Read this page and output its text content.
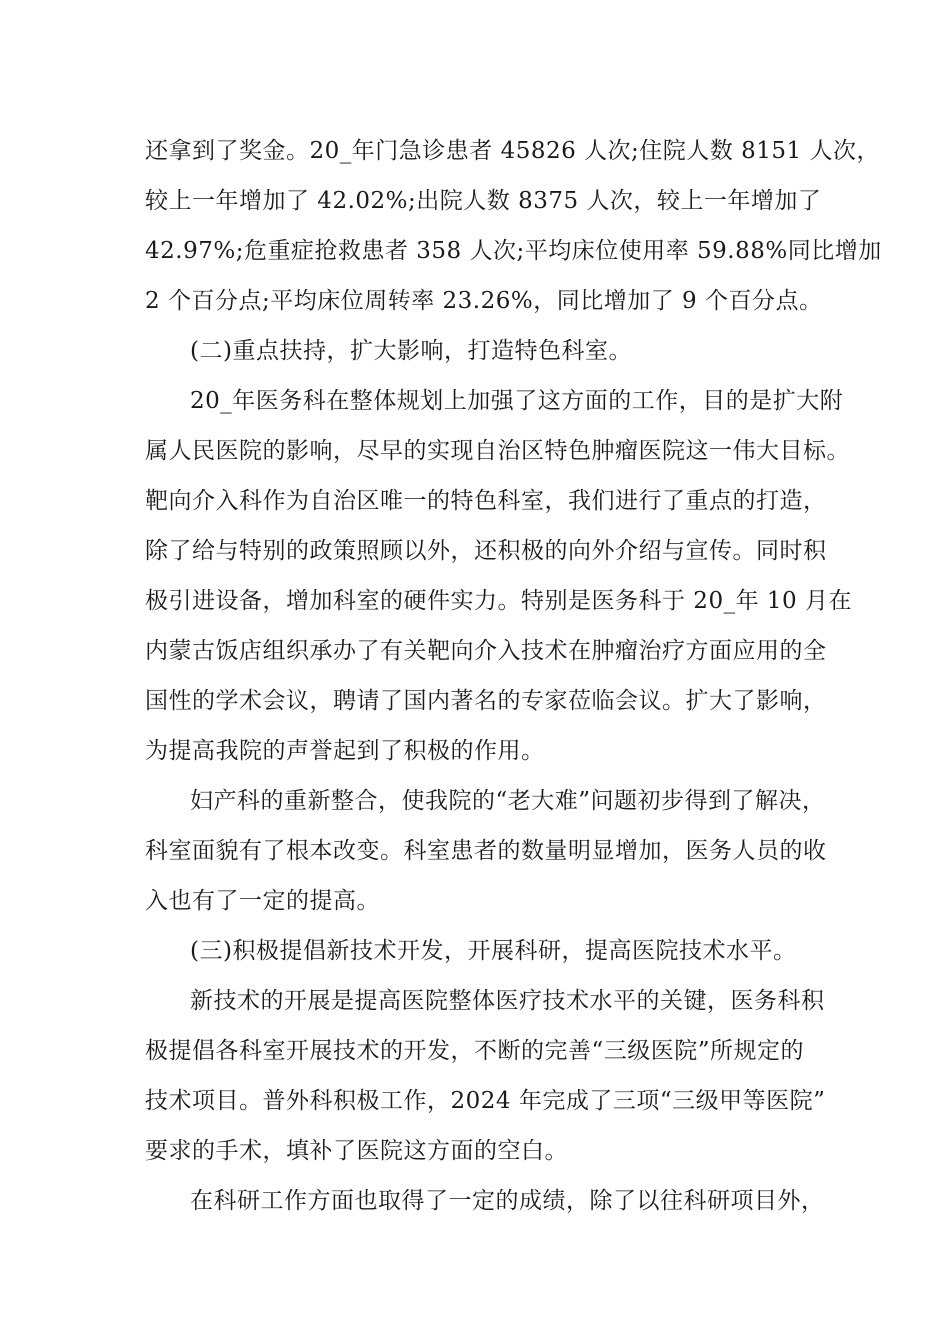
还拿到了奖金。20_年门急诊患者 45826 人次;住院人数 8151 人次，
较上一年增加了 42.02%;出院人数 8375 人次，较上一年增加了
42.97%;危重症抢救患者 358 人次;平均床位使用率 59.88%同比增加
2 个百分点;平均床位周转率 23.26%，同比增加了 9 个百分点。
(二)重点扶持，扩大影响，打造特色科室。
20_年医务科在整体规划上加强了这方面的工作，目的是扩大附
属人民医院的影响，尽早的实现自治区特色肿瘤医院这一伟大目标。
靶向介入科作为自治区唯一的特色科室，我们进行了重点的打造，
除了给与特别的政策照顾以外，还积极的向外介绍与宣传。同时积
极引进设备，增加科室的硬件实力。特别是医务科于 20_年 10 月在
内蒙古饭店组织承办了有关靶向介入技术在肿瘤治疗方面应用的全
国性的学术会议，聘请了国内著名的专家莅临会议。扩大了影响，
为提高我院的声誉起到了积极的作用。
妇产科的重新整合，使我院的“老大难”问题初步得到了解决，
科室面貌有了根本改变。科室患者的数量明显增加，医务人员的收
入也有了一定的提高。
(三)积极提倡新技术开发，开展科研，提高医院技术水平。
新技术的开展是提高医院整体医疗技术水平的关键，医务科积
极提倡各科室开展技术的开发，不断的完善“三级医院”所规定的
技术项目。普外科积极工作，2024 年完成了三项“三级甲等医院”
要求的手术，填补了医院这方面的空白。
在科研工作方面也取得了一定的成绩，除了以往科研项目外，
